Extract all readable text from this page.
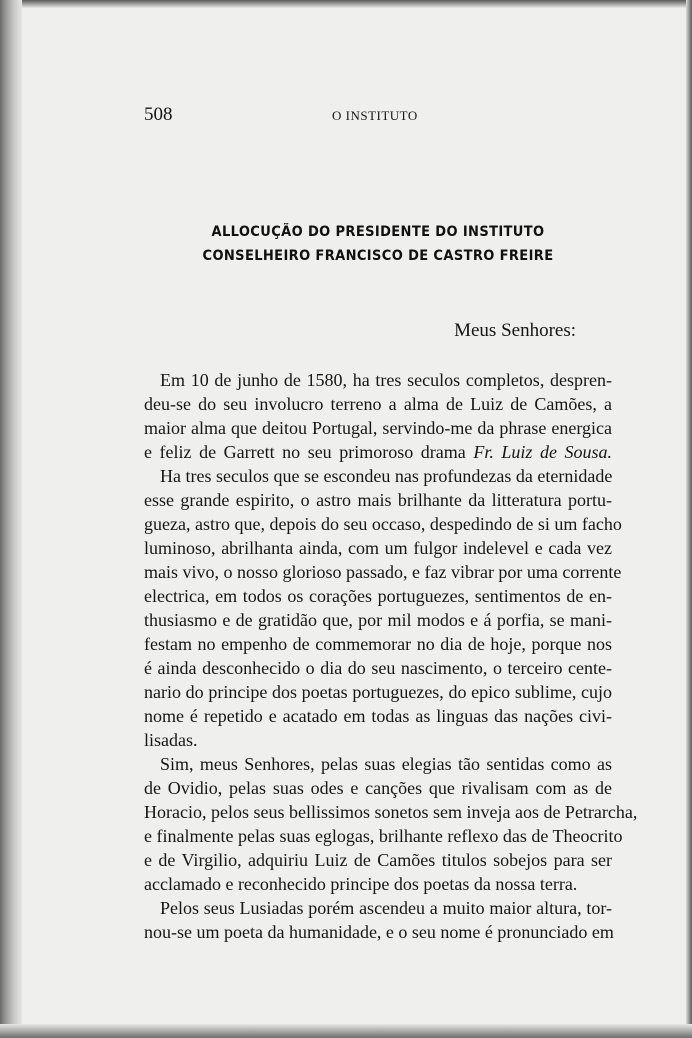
508	O INSTITUTO
ALLOCUÇÃO DO PRESIDENTE DO INSTITUTO
CONSELHEIRO FRANCISCO DE CASTRO FREIRE
Meus Senhores:
Em 10 de junho de 1580, ha tres seculos completos, despren-
deu-se do seu involucro terreno a alma de Luiz de Camões, a
maior alma que deitou Portugal, servindo-me da phrase energica
e feliz de Garrett no seu primoroso drama Fr. Luiz de Sousa.
Ha tres seculos que se escondeu nas profundezas da eternidade
esse grande espirito, o astro mais brilhante da litteratura portu-
gueza, astro que, depois do seu occaso, despedindo de si um facho
luminoso, abrilhanta ainda, com um fulgor indelevel e cada vez
mais vivo, o nosso glorioso passado, e faz vibrar por uma corrente
electrica, em todos os corações portuguezes, sentimentos de en-
thusiasmo e de gratidão que, por mil modos e á porfia, se mani-
festam no empenho de commemorar no dia de hoje, porque nos
é ainda desconhecido o dia do seu nascimento, o terceiro cente-
nario do principe dos poetas portuguezes, do epico sublime, cujo
nome é repetido e acatado em todas as linguas das nações civi-
lisadas.
Sim, meus Senhores, pelas suas elegias tão sentidas como as
de Ovidio, pelas suas odes e canções que rivalisam com as de
Horacio, pelos seus bellissimos sonetos sem inveja aos de Petrarcha,
e finalmente pelas suas eglogas, brilhante reflexo das de Theocrito
e de Virgilio, adquiriu Luiz de Camões titulos sobejos para ser
acclamado e reconhecido principe dos poetas da nossa terra.
Pelos seus Lusiadas porém ascendeu a muito maior altura, tor-
nou-se um poeta da humanidade, e o seu nome é pronunciado em
